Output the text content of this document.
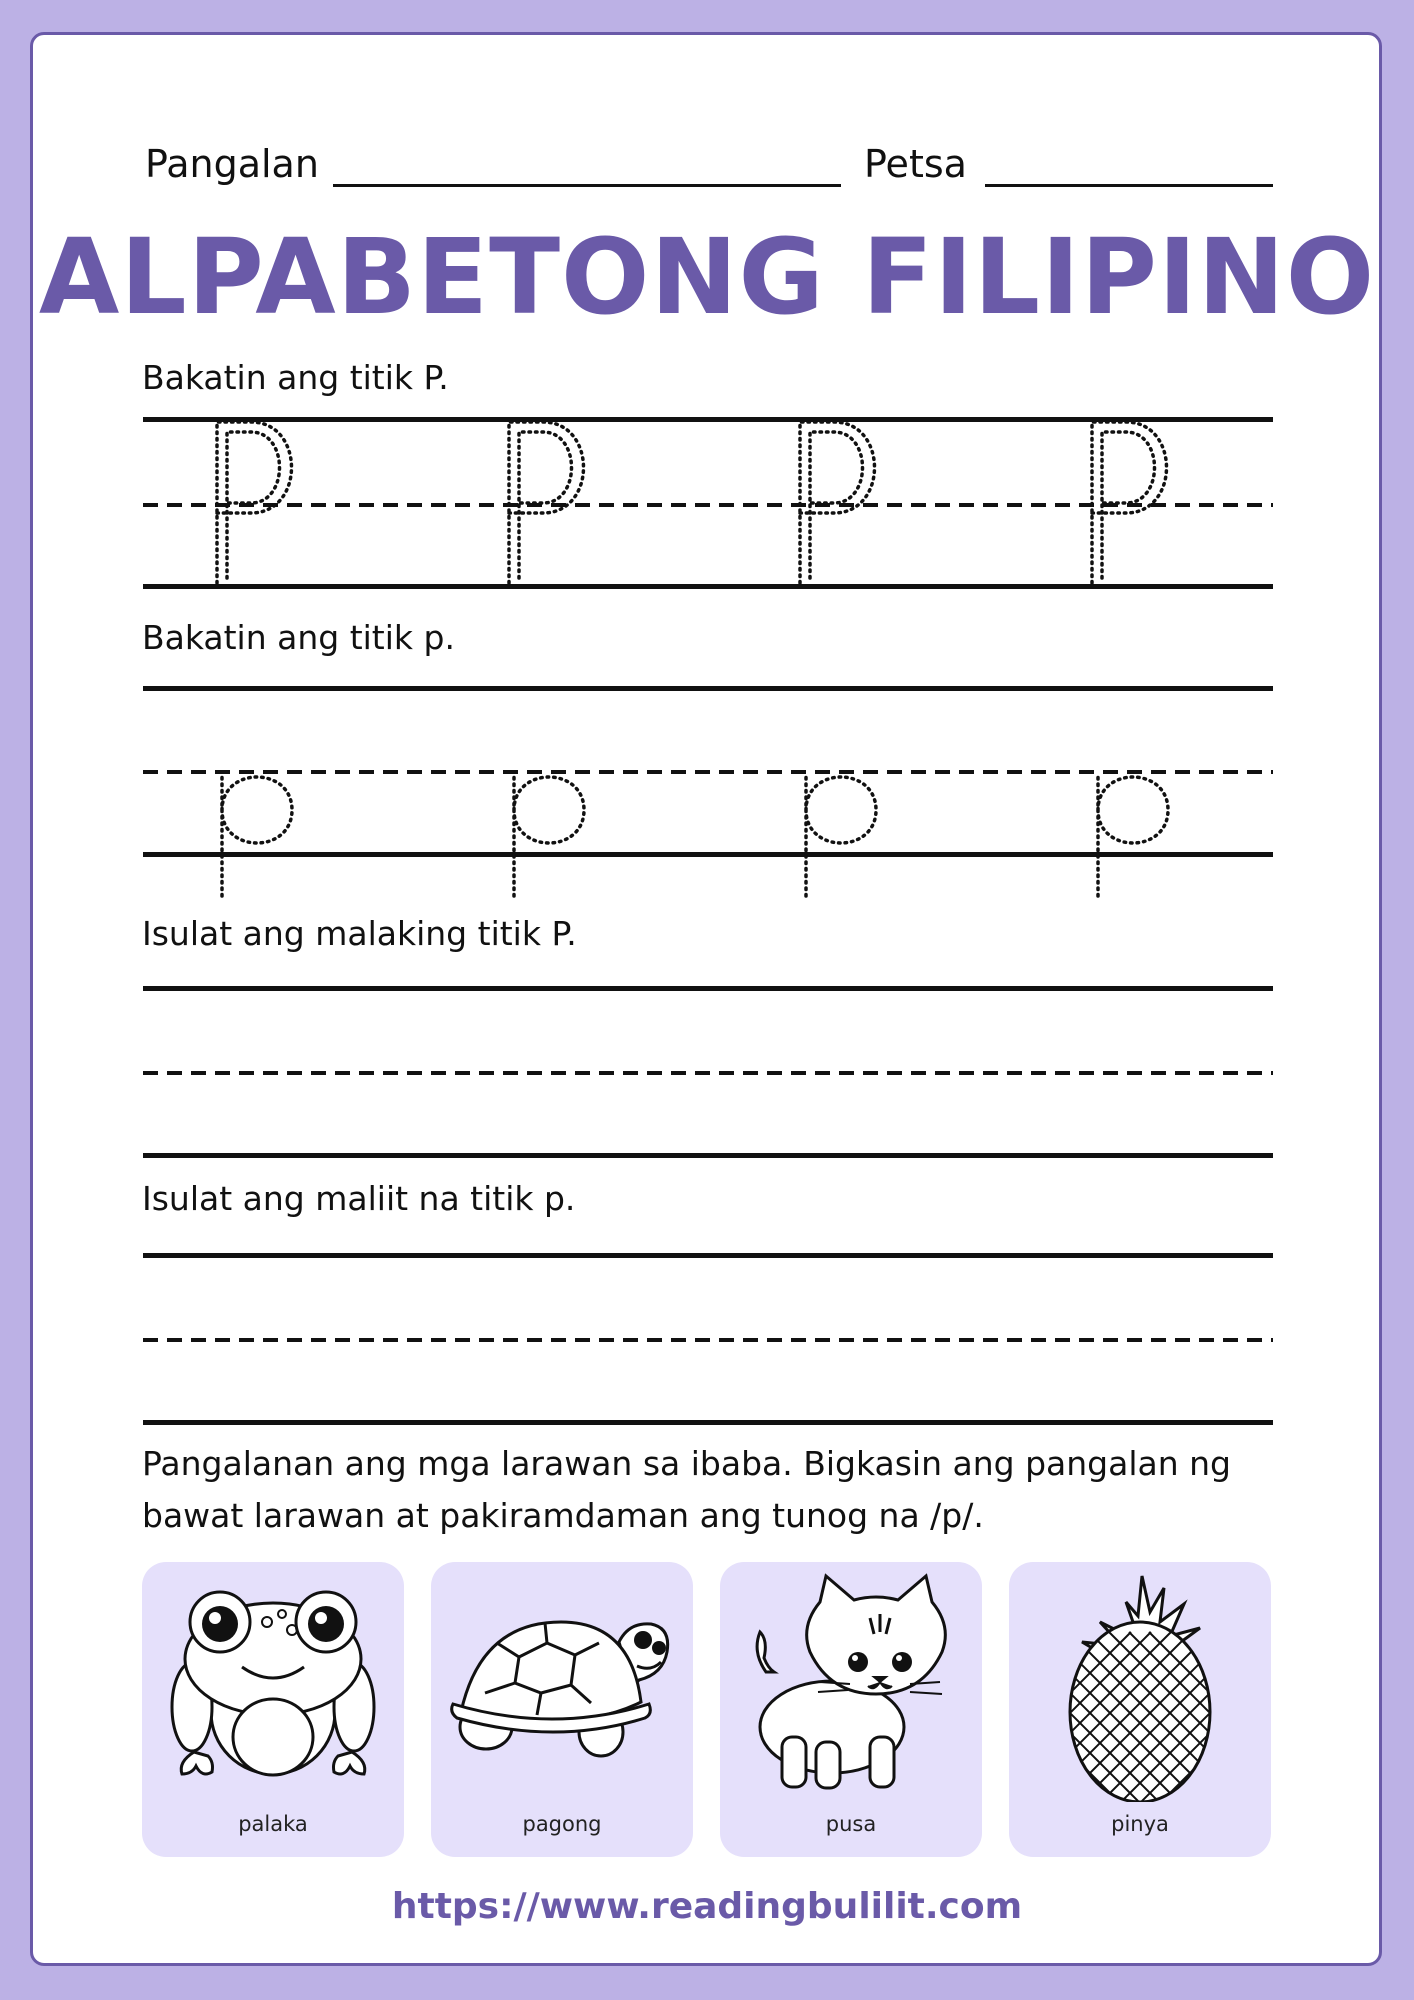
Pangalan	Petsa
ALPABETONG FILIPINO
Bakatin ang titik P.
Bakatin ang titik p.
Isulat ang malaking titik P.
Isulat ang maliit na titik p.
Pangalanan ang mga larawan sa ibaba. Bigkasin ang pangalan ng
bawat larawan at pakiramdaman ang tunog na /p/.
palaka	pagong	pusa	pinya
https://www.readingbulilit.com
